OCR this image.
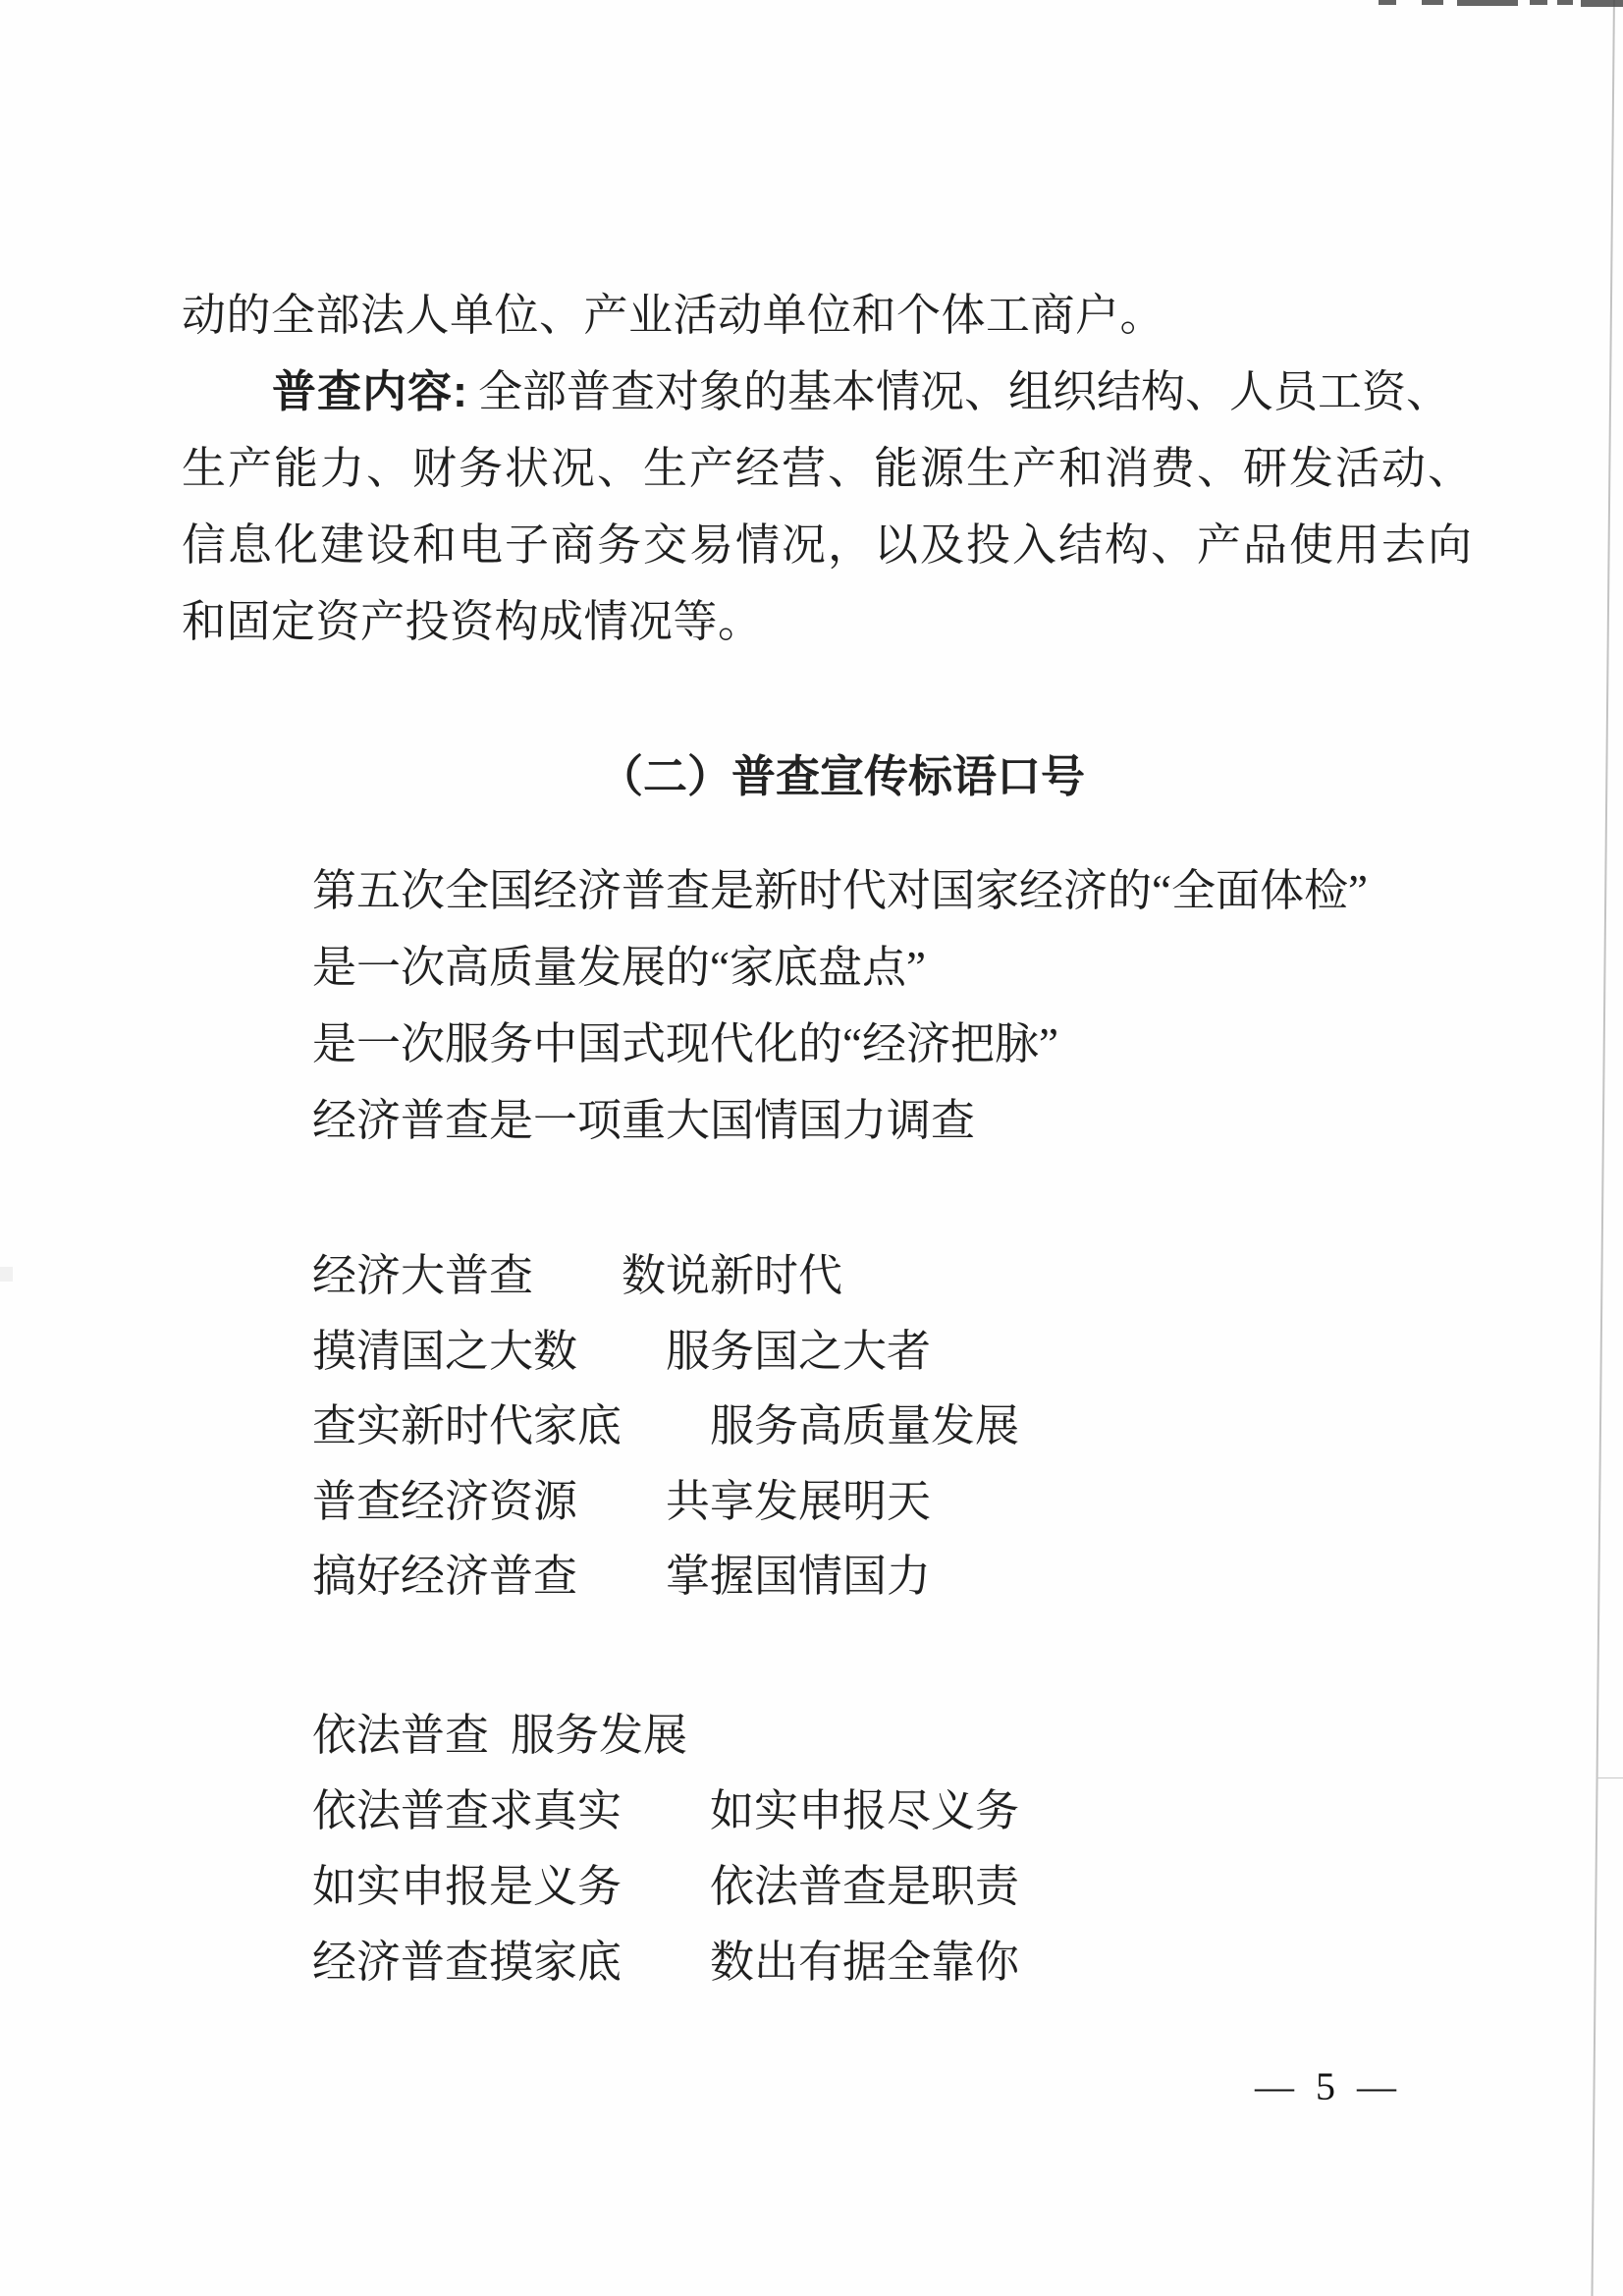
动的全部法人单位、产业活动单位和个体工商户。

普查内容: 全部普查对象的基本情况、组织结构、人员工资、

生产能力、财务状况、生产经营、能源生产和消费、研发活动、

信息化建设和电子商务交易情况，以及投入结构、产品使用去向

和固定资产投资构成情况等。

（二）普查宣传标语口号

第五次全国经济普查是新时代对国家经济的“全面体检”

是一次高质量发展的“家底盘点”

是一次服务中国式现代化的“经济把脉”

经济普查是一项重大国情国力调查

经济大普查 数说新时代

摸清国之大数 服务国之大者

查实新时代家底 服务高质量发展

普查经济资源 共享发展明天

搞好经济普查 掌握国情国力

依法普查 服务发展

依法普查求真实 如实申报尽义务

如实申报是义务 依法普查是职责

经济普查摸家底 数出有据全靠你

— 5 —
